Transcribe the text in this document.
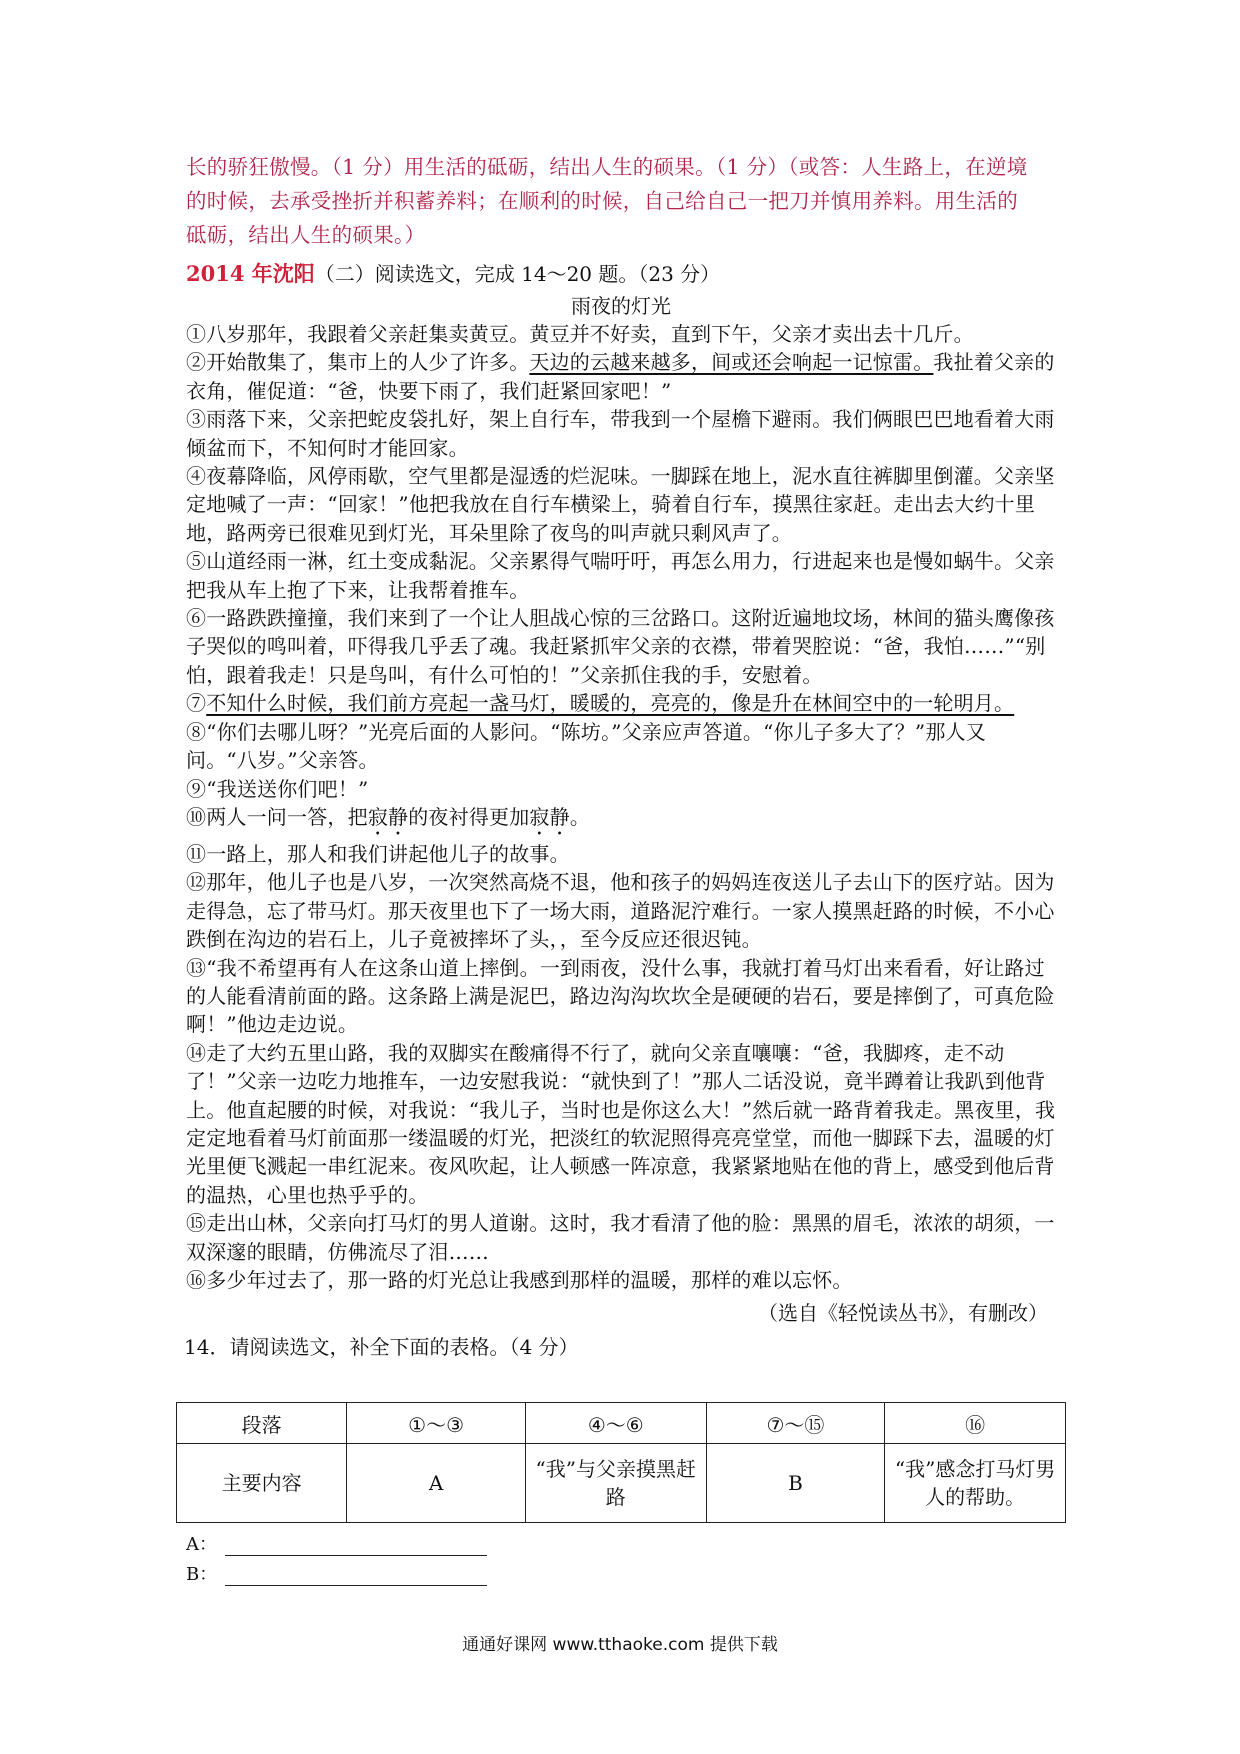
长的骄狂傲慢。（1 分）用生活的砥砺，结出人生的硕果。（1 分）（或答：人生路上，在逆境
的时候，去承受挫折并积蓄养料；在顺利的时候，自己给自己一把刀并慎用养料。用生活的
砥砺，结出人生的硕果。）

2014 年沈阳（二）阅读选文，完成 14～20 题。（23 分）

雨夜的灯光

①八岁那年，我跟着父亲赶集卖黄豆。黄豆并不好卖，直到下午，父亲才卖出去十几斤。

②开始散集了，集市上的人少了许多。天边的云越来越多，间或还会响起一记惊雷。我扯着父亲的衣角，催促道：“爸，快要下雨了，我们赶紧回家吧！”

③雨落下来，父亲把蛇皮袋扎好，架上自行车，带我到一个屋檐下避雨。我们俩眼巴巴地看着大雨倾盆而下，不知何时才能回家。

④夜幕降临，风停雨歇，空气里都是湿透的烂泥味。一脚踩在地上，泥水直往裤脚里倒灌。父亲坚定地喊了一声：“回家！”他把我放在自行车横梁上，骑着自行车，摸黑往家赶。走出去大约十里地，路两旁已很难见到灯光，耳朵里除了夜鸟的叫声就只剩风声了。

⑤山道经雨一淋，红土变成黏泥。父亲累得气喘吁吁，再怎么用力，行进起来也是慢如蜗牛。父亲把我从车上抱了下来，让我帮着推车。

⑥一路跌跌撞撞，我们来到了一个让人胆战心惊的三岔路口。这附近遍地坟场，林间的猫头鹰像孩子哭似的鸣叫着，吓得我几乎丢了魂。我赶紧抓牢父亲的衣襟，带着哭腔说：“爸，我怕……”“别怕，跟着我走！只是鸟叫，有什么可怕的！”父亲抓住我的手，安慰着。

⑦不知什么时候，我们前方亮起一盏马灯，暖暖的，亮亮的，像是升在林间空中的一轮明月。

⑧“你们去哪儿呀？”光亮后面的人影问。“陈坊。”父亲应声答道。“你儿子多大了？”那人又问。“八岁。”父亲答。

⑨“我送送你们吧！”

⑩两人一问一答，把寂静的夜衬得更加寂静。

⑪一路上，那人和我们讲起他儿子的故事。

⑫那年，他儿子也是八岁，一次突然高烧不退，他和孩子的妈妈连夜送儿子去山下的医疗站。因为走得急，忘了带马灯。那天夜里也下了一场大雨，道路泥泞难行。一家人摸黑赶路的时候，不小心跌倒在沟边的岩石上，儿子竟被摔坏了头，，至今反应还很迟钝。

⑬“我不希望再有人在这条山道上摔倒。一到雨夜，没什么事，我就打着马灯出来看看，好让路过的人能看清前面的路。这条路上满是泥巴，路边沟沟坎坎全是硬硬的岩石，要是摔倒了，可真危险啊！”他边走边说。

⑭走了大约五里山路，我的双脚实在酸痛得不行了，就向父亲直嚷嚷：“爸，我脚疼，走不动了！”父亲一边吃力地推车，一边安慰我说：“就快到了！”那人二话没说，竟半蹲着让我趴到他背上。他直起腰的时候，对我说：“我儿子，当时也是你这么大！”然后就一路背着我走。黑夜里，我定定地看着马灯前面那一缕温暖的灯光，把淡红的软泥照得亮亮堂堂，而他一脚踩下去，温暖的灯光里便飞溅起一串红泥来。夜风吹起，让人顿感一阵凉意，我紧紧地贴在他的背上，感受到他后背的温热，心里也热乎乎的。

⑮走出山林，父亲向打马灯的男人道谢。这时，我才看清了他的脸：黑黑的眉毛，浓浓的胡须，一双深邃的眼睛，仿佛流尽了泪……

⑯多少年过去了，那一路的灯光总让我感到那样的温暖，那样的难以忘怀。

（选自《轻悦读丛书》，有删改）

14．请阅读选文，补全下面的表格。（4 分）

段落	①～③	④～⑥	⑦～⑮	⑯
主要内容	A	“我”与父亲摸黑赶路	B	“我”感念打马灯男人的帮助。
A：
B：
通通好课网 www.tthaoke.com 提供下载
